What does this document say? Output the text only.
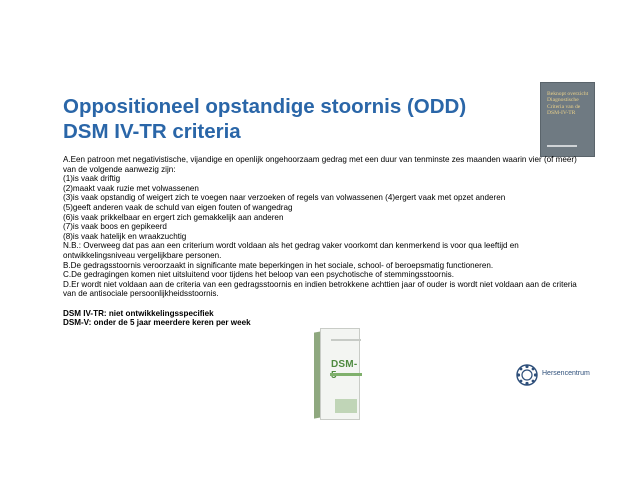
Oppositioneel opstandige stoornis (ODD)
DSM IV-TR criteria
Beknopt overzicht
Diagnostische
Criteria van de
DSM-IV-TR

A.Een patroon met negativistische, vijandige en openlijk ongehoorzaam gedrag met een duur van tenminste zes maanden waarin vier (of meer) van de volgende aanwezig zijn:

(1)is vaak driftig

(2)maakt vaak ruzie met volwassenen

(3)is vaak opstandig of weigert zich te voegen naar verzoeken of regels van volwassenen (4)ergert vaak met opzet anderen

(5)geeft anderen vaak de schuld van eigen fouten of wangedrag

(6)is vaak prikkelbaar en ergert zich gemakkelijk aan anderen

(7)is vaak boos en gepikeerd

(8)is vaak hatelijk en wraakzuchtig

N.B.: Overweeg dat pas aan een criterium wordt voldaan als het gedrag vaker voorkomt dan kenmerkend is voor qua leeftijd en ontwikkelingsniveau vergelijkbare personen.

B.De gedragsstoornis veroorzaakt in significante mate beperkingen in het sociale, school- of beroepsmatig functioneren.

C.De gedragingen komen niet uitsluitend voor tijdens het beloop van een psychotische of stemmingsstoornis.

D.Er wordt niet voldaan aan de criteria van een gedragsstoornis en indien betrokkene achttien jaar of ouder is wordt niet voldaan aan de criteria van de antisociale persoonlijkheidsstoornis.

DSM IV-TR: niet ontwikkelingsspecifiek

DSM-V: onder de 5 jaar meerdere keren per week

DSM-
Hersencentrum
